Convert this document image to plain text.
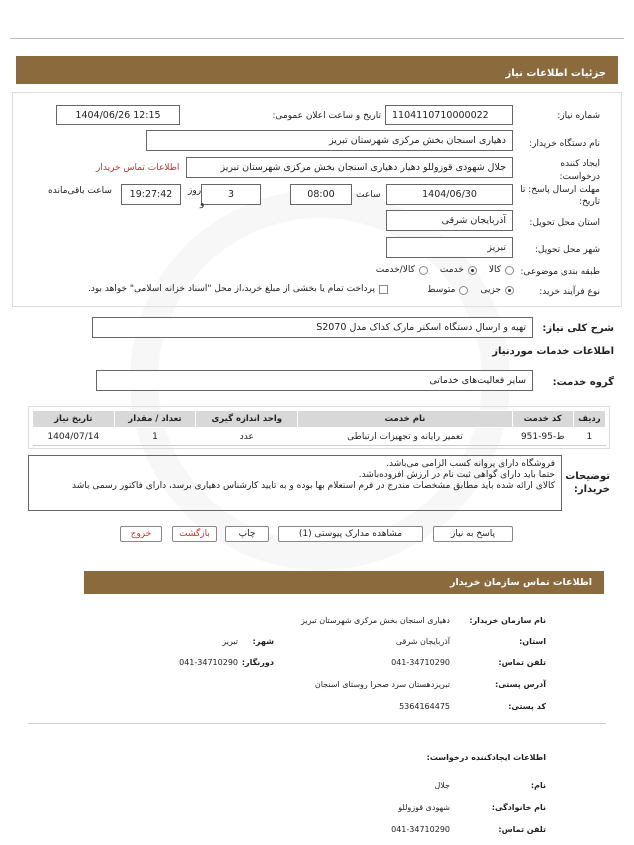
جزئیات اطلاعات نیاز
شماره نیاز:
1104110710000022
تاریخ و ساعت اعلان عمومی:
1404/06/26 12:15
نام دستگاه خریدار:
دهیاری اسنجان بخش مرکزی شهرستان تبریز
ایجاد کننده درخواست:
جلال شهودی قوزوللو دهیار دهیاری اسنجان بخش مرکزی شهرستان تبریز
اطلاعات تماس خریدار
مهلت ارسال پاسخ: تا تاریخ:
1404/06/30
ساعت
08:00
3
روز
و
19:27:42
ساعت باقی‌مانده
استان محل تحویل:
آذربایجان شرقی
شهر محل تحویل:
تبریز
طبقه بندی موضوعی:
کالا
خدمت
کالا/خدمت
نوع فرآیند خرید:
جزیی
متوسط
پرداخت تمام یا بخشی از مبلغ خرید،از محل "اسناد خزانه اسلامی" خواهد بود.
شرح کلی نیاز:
تهیه و ارسال دستگاه اسکنر مارک کداک مدل S2070
اطلاعات خدمات موردنیاز
گروه خدمت:
سایر فعالیت‌های خدماتی
ردیف	کد خدمت	نام خدمت	واحد اندازه گیری	تعداد / مقدار	تاریخ نیاز
1	ط-95-951	تعمیر رایانه و تجهیزات ارتباطی	عدد	1	1404/07/14
توضیحات خریدار:
فروشگاه دارای پروانه کسب الزامی می‌باشد.
حتما باید دارای گواهی ثبت نام در ارزش افزوده‌باشد.
کالای ارائه شده باید مطابق مشخصات مندرج در فرم استعلام بها بوده و به تایید کارشناس دهیاری برسد، دارای فاکتور رسمی باشد
پاسخ به نیاز
مشاهده مدارک پیوستی (1)
چاپ
بازگشت
خروج
اطلاعات تماس سازمان خریدار
نام سازمان خریدار:
دهیاری اسنجان بخش مرکزی شهرستان تبریز
استان:
آذربایجان شرقی
شهر:
تبریز
تلفن تماس:
041-34710290
دورنگار:
041-34710290
آدرس پستی:
تبریزدهستان سرد صحرا روستای اسنجان
کد پستی:
5364164475
اطلاعات ایجادکننده درخواست:
نام:
جلال
نام خانوادگی:
شهودی قوزوللو
تلفن تماس:
041-34710290
